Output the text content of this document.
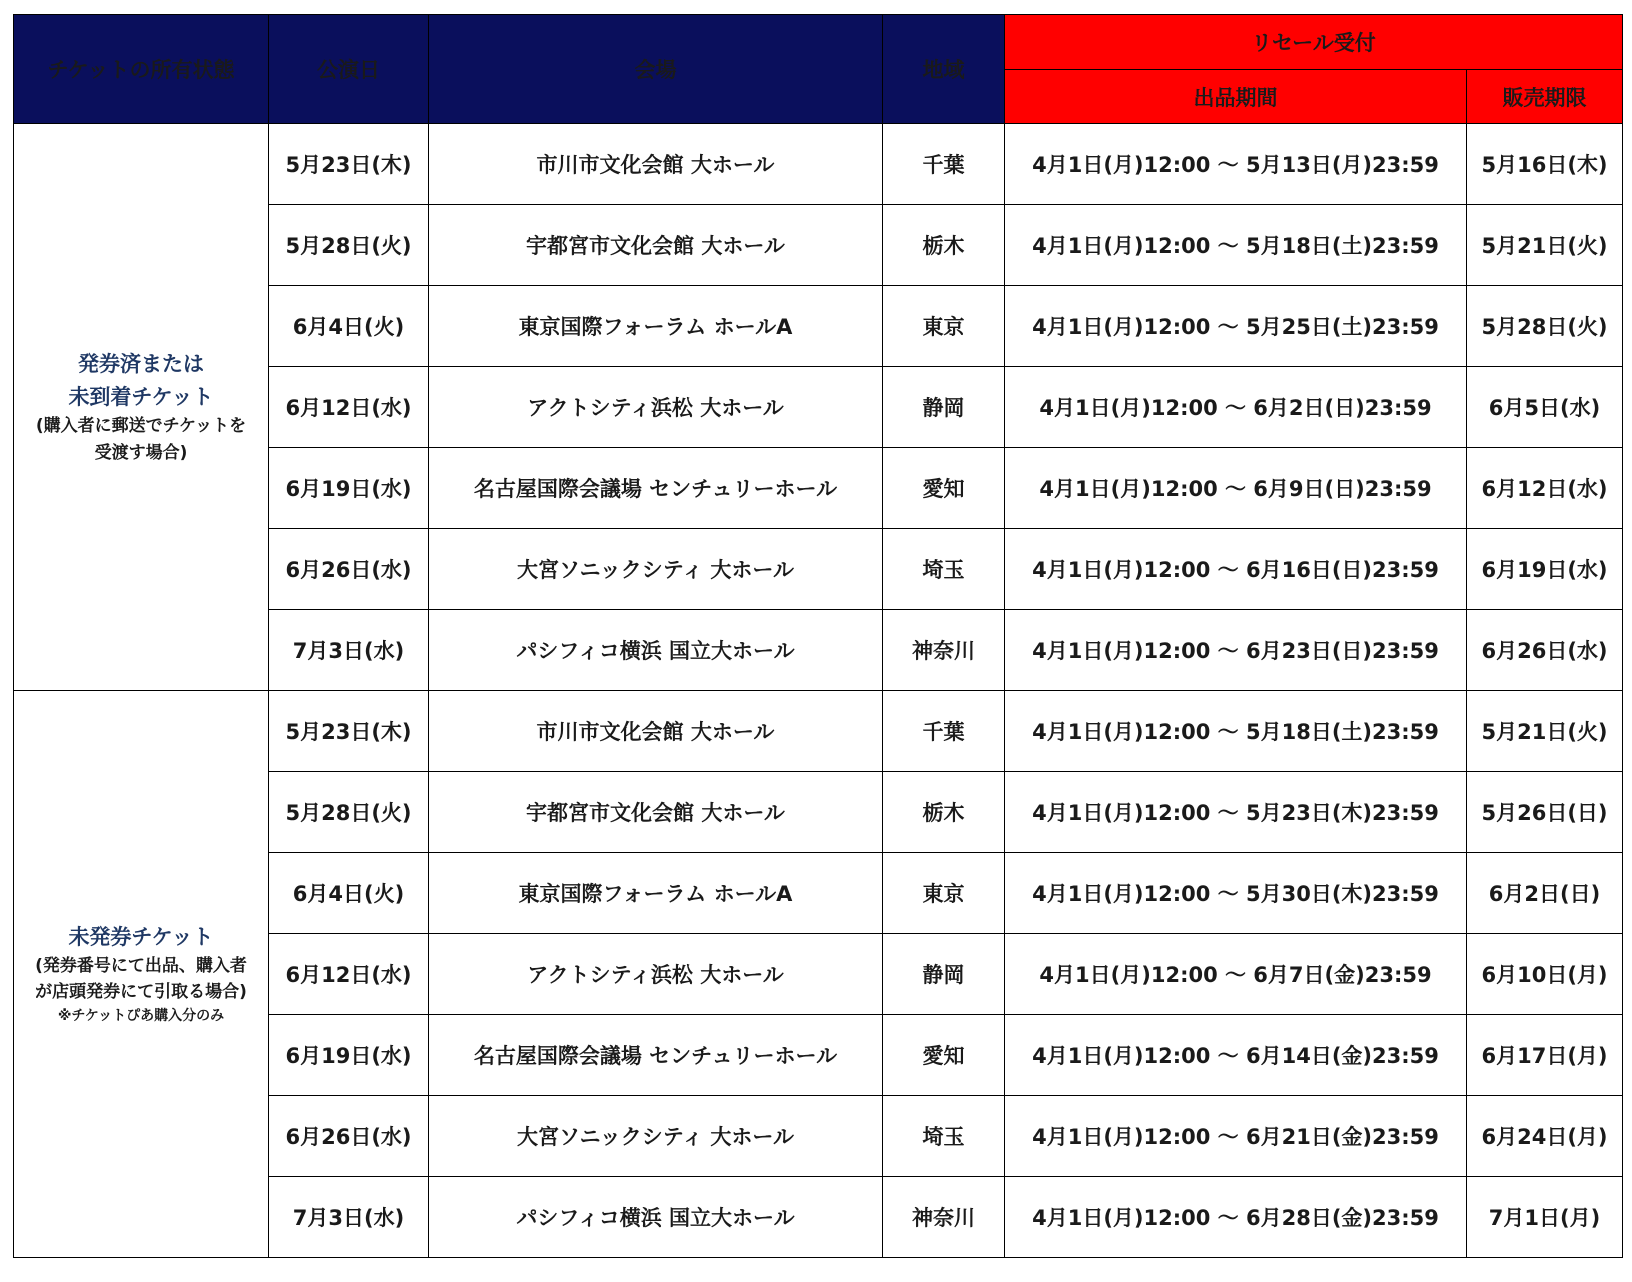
チケットの所有状態	公演日	会場	地域	リセール受付	
				出品期間	販売期限

発券済または
未到着チケット
(購入者に郵送でチケットを
受渡す場合)	5月23日(木)	市川市文化会館 大ホール	千葉	4月1日(月)12:00 ～ 5月13日(月)23:59	5月16日(木)
	5月28日(火)	宇都宮市文化会館 大ホール	栃木	4月1日(月)12:00 ～ 5月18日(土)23:59	5月21日(火)
	6月4日(火)	東京国際フォーラム ホールA	東京	4月1日(月)12:00 ～ 5月25日(土)23:59	5月28日(火)
	6月12日(水)	アクトシティ浜松 大ホール	静岡	4月1日(月)12:00 ～ 6月2日(日)23:59	6月5日(水)
	6月19日(水)	名古屋国際会議場 センチュリーホール	愛知	4月1日(月)12:00 ～ 6月9日(日)23:59	6月12日(水)
	6月26日(水)	大宮ソニックシティ 大ホール	埼玉	4月1日(月)12:00 ～ 6月16日(日)23:59	6月19日(水)
	7月3日(水)	パシフィコ横浜 国立大ホール	神奈川	4月1日(月)12:00 ～ 6月23日(日)23:59	6月26日(水)

未発券チケット
(発券番号にて出品、購入者
が店頭発券にて引取る場合)
※チケットぴあ購入分のみ	5月23日(木)	市川市文化会館 大ホール	千葉	4月1日(月)12:00 ～ 5月18日(土)23:59	5月21日(火)
	5月28日(火)	宇都宮市文化会館 大ホール	栃木	4月1日(月)12:00 ～ 5月23日(木)23:59	5月26日(日)
	6月4日(火)	東京国際フォーラム ホールA	東京	4月1日(月)12:00 ～ 5月30日(木)23:59	6月2日(日)
	6月12日(水)	アクトシティ浜松 大ホール	静岡	4月1日(月)12:00 ～ 6月7日(金)23:59	6月10日(月)
	6月19日(水)	名古屋国際会議場 センチュリーホール	愛知	4月1日(月)12:00 ～ 6月14日(金)23:59	6月17日(月)
	6月26日(水)	大宮ソニックシティ 大ホール	埼玉	4月1日(月)12:00 ～ 6月21日(金)23:59	6月24日(月)
	7月3日(水)	パシフィコ横浜 国立大ホール	神奈川	4月1日(月)12:00 ～ 6月28日(金)23:59	7月1日(月)
